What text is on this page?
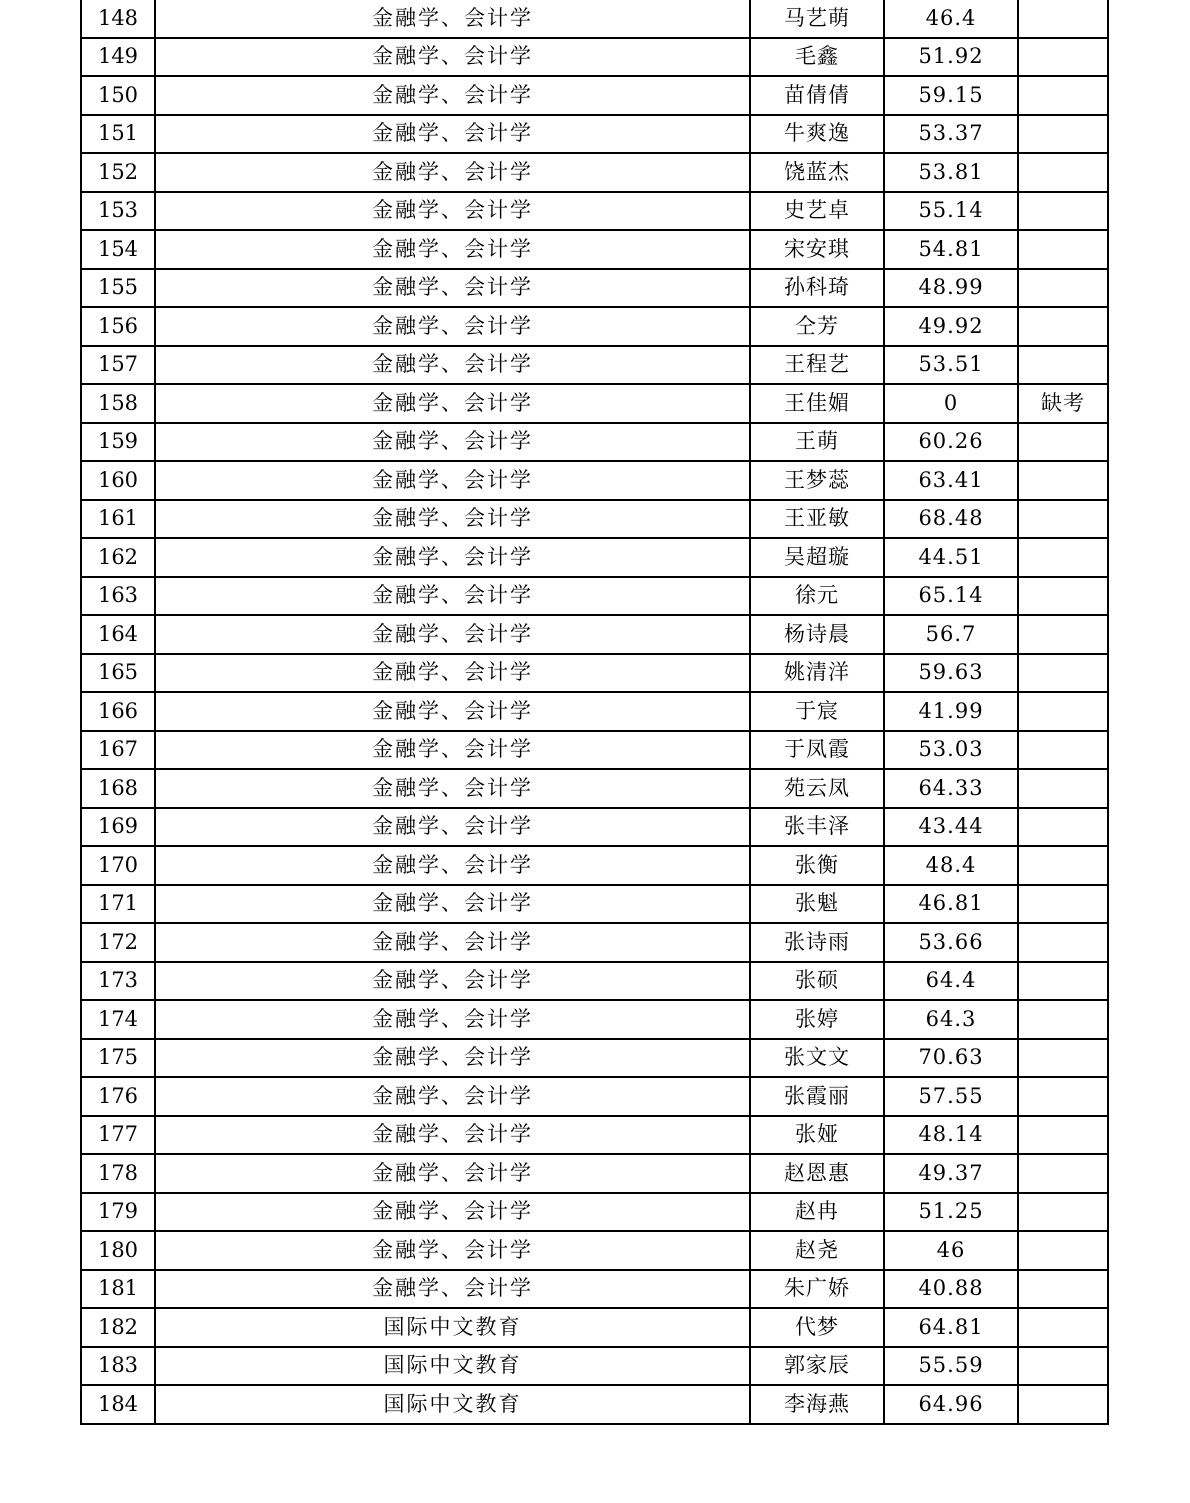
148	金融学、会计学	马艺萌	46.4	
149	金融学、会计学	毛鑫	51.92	
150	金融学、会计学	苗倩倩	59.15	
151	金融学、会计学	牛爽逸	53.37	
152	金融学、会计学	饶蓝杰	53.81	
153	金融学、会计学	史艺卓	55.14	
154	金融学、会计学	宋安琪	54.81	
155	金融学、会计学	孙科琦	48.99	
156	金融学、会计学	仝芳	49.92	
157	金融学、会计学	王程艺	53.51	
158	金融学、会计学	王佳媚	0	缺考
159	金融学、会计学	王萌	60.26	
160	金融学、会计学	王梦蕊	63.41	
161	金融学、会计学	王亚敏	68.48	
162	金融学、会计学	吴超璇	44.51	
163	金融学、会计学	徐元	65.14	
164	金融学、会计学	杨诗晨	56.7	
165	金融学、会计学	姚清洋	59.63	
166	金融学、会计学	于宸	41.99	
167	金融学、会计学	于凤霞	53.03	
168	金融学、会计学	苑云凤	64.33	
169	金融学、会计学	张丰泽	43.44	
170	金融学、会计学	张衡	48.4	
171	金融学、会计学	张魁	46.81	
172	金融学、会计学	张诗雨	53.66	
173	金融学、会计学	张硕	64.4	
174	金融学、会计学	张婷	64.3	
175	金融学、会计学	张文文	70.63	
176	金融学、会计学	张霞丽	57.55	
177	金融学、会计学	张娅	48.14	
178	金融学、会计学	赵恩惠	49.37	
179	金融学、会计学	赵冉	51.25	
180	金融学、会计学	赵尧	46	
181	金融学、会计学	朱广娇	40.88	
182	国际中文教育	代梦	64.81	
183	国际中文教育	郭家辰	55.59	
184	国际中文教育	李海燕	64.96	
